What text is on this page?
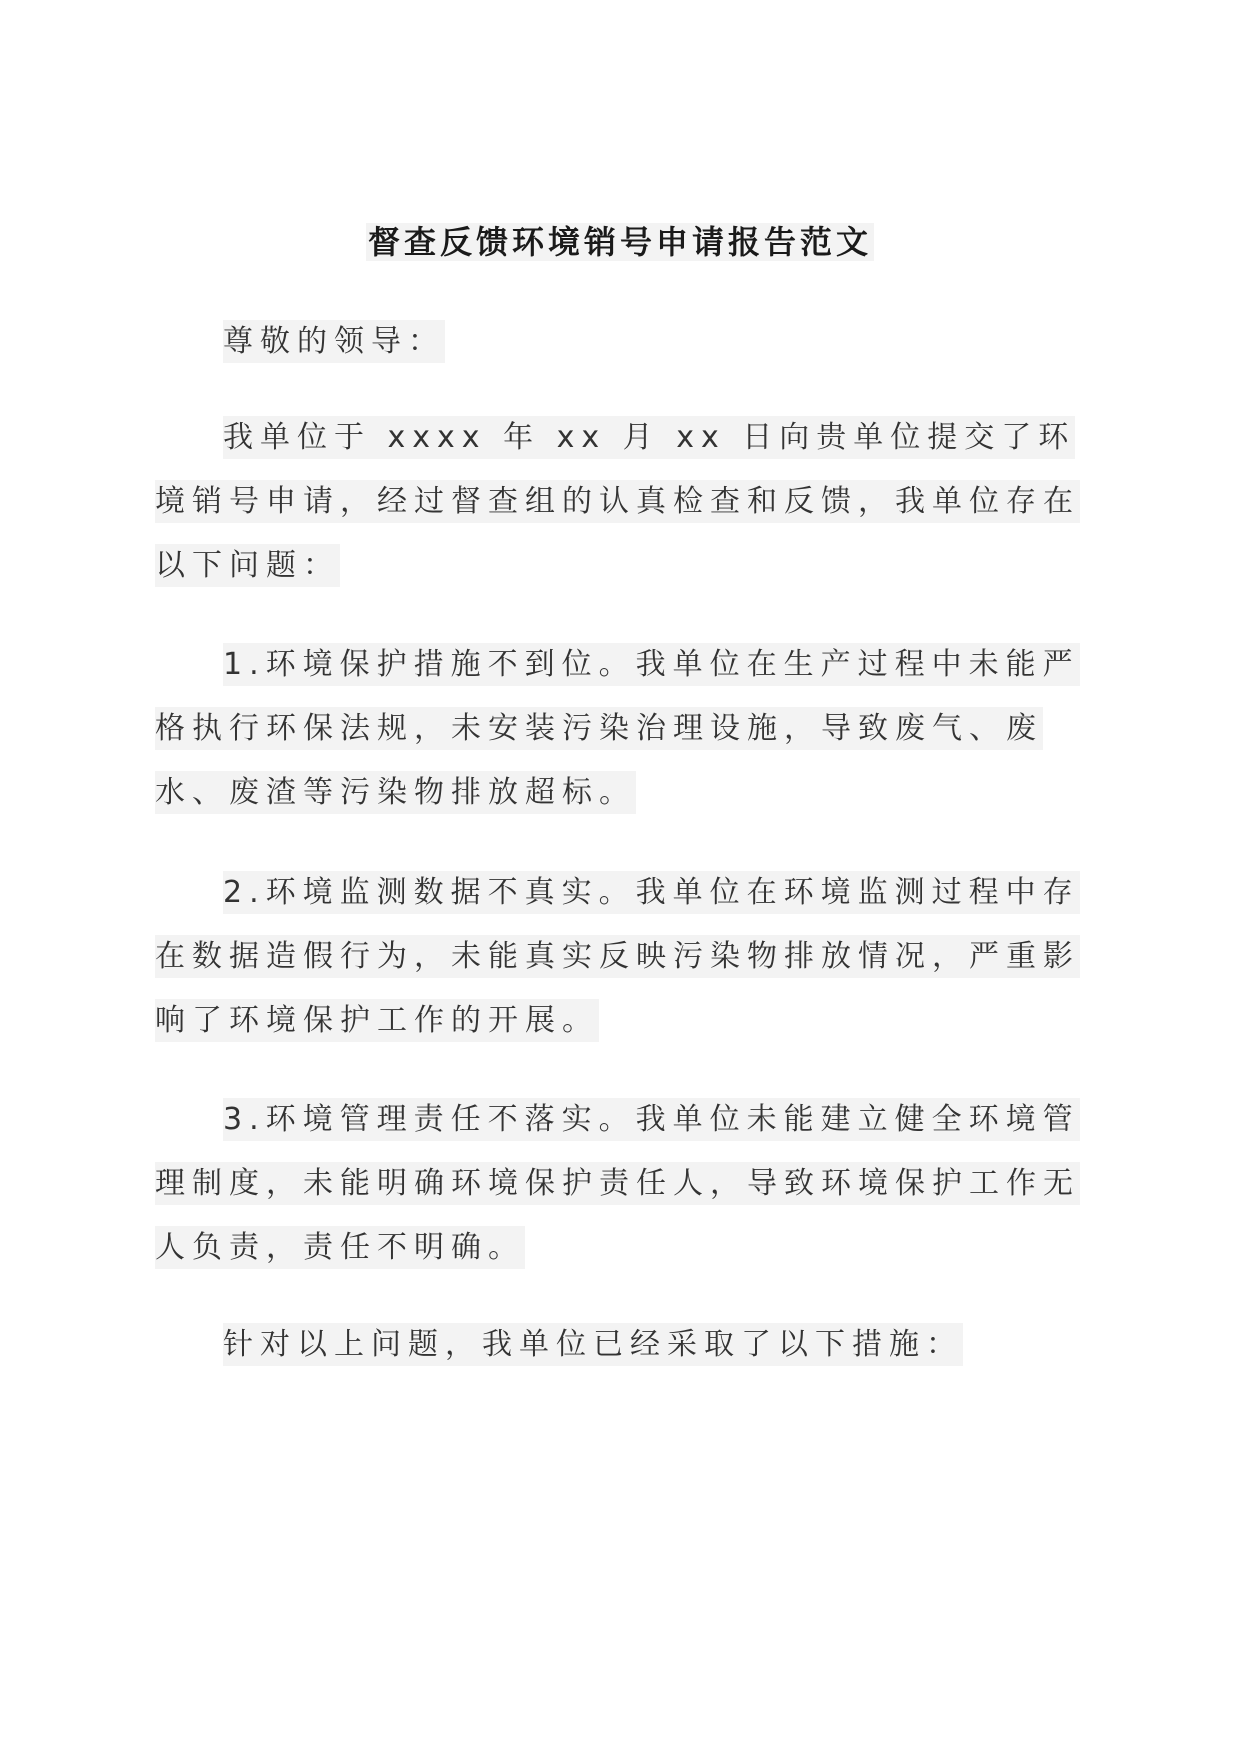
督查反馈环境销号申请报告范文

尊敬的领导：

我单位于 xxxx 年 xx 月 xx 日向贵单位提交了环境销号申请，经过督查组的认真检查和反馈，我单位存在以下问题：

1.环境保护措施不到位。我单位在生产过程中未能严格执行环保法规，未安装污染治理设施，导致废气、废水、废渣等污染物排放超标。

2.环境监测数据不真实。我单位在环境监测过程中存在数据造假行为，未能真实反映污染物排放情况，严重影响了环境保护工作的开展。

3.环境管理责任不落实。我单位未能建立健全环境管理制度，未能明确环境保护责任人，导致环境保护工作无人负责，责任不明确。

针对以上问题，我单位已经采取了以下措施：
